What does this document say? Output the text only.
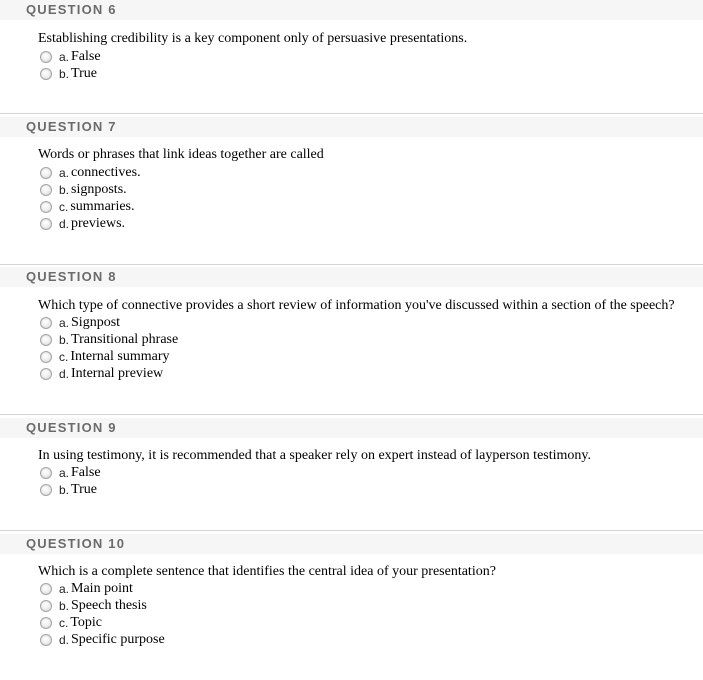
QUESTION 6
Establishing credibility is a key component only of persuasive presentations.
a. False
b. True
QUESTION 7
Words or phrases that link ideas together are called
a. connectives.
b. signposts.
c. summaries.
d. previews.
QUESTION 8
Which type of connective provides a short review of information you've discussed within a section of the speech?
a. Signpost
b. Transitional phrase
c. Internal summary
d. Internal preview
QUESTION 9
In using testimony, it is recommended that a speaker rely on expert instead of layperson testimony.
a. False
b. True
QUESTION 10
Which is a complete sentence that identifies the central idea of your presentation?
a. Main point
b. Speech thesis
c. Topic
d. Specific purpose
